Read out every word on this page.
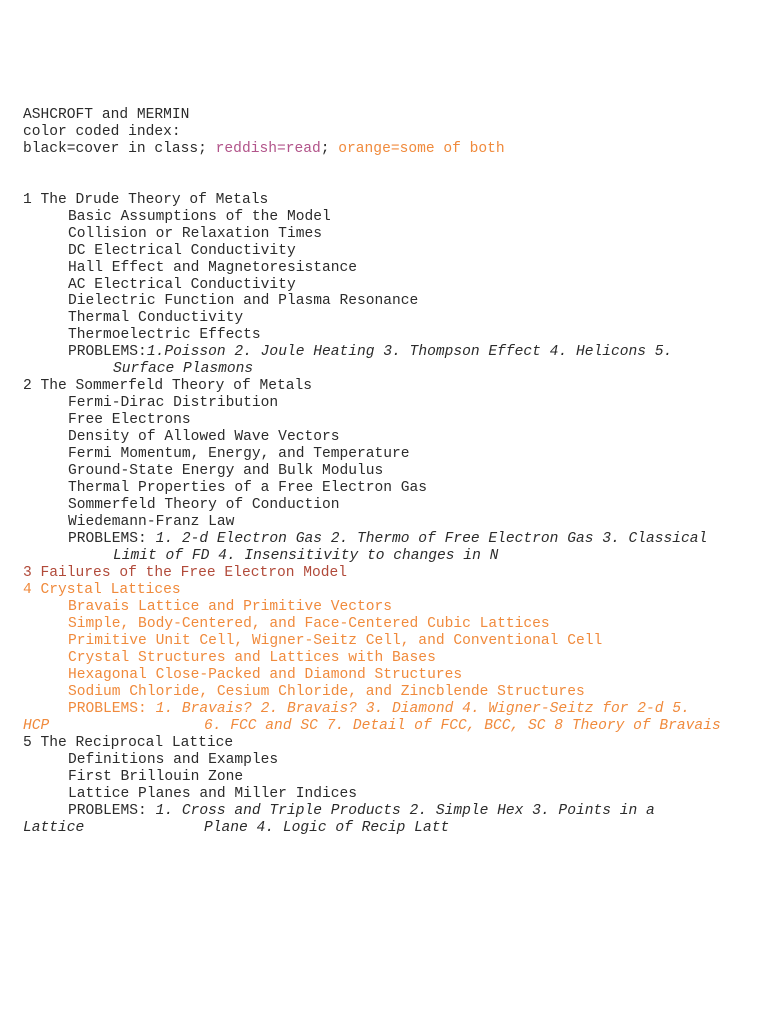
ASHCROFT and MERMIN
color coded index:
black=cover in class; reddish=read; orange=some of both
1 The Drude Theory of Metals
Basic Assumptions of the Model
Collision or Relaxation Times
DC Electrical Conductivity
Hall Effect and Magnetoresistance
AC Electrical Conductivity
Dielectric Function and Plasma Resonance
Thermal Conductivity
Thermoelectric Effects
PROBLEMS:1.Poisson 2. Joule Heating 3. Thompson Effect 4. Helicons 5.
Surface Plasmons
2 The Sommerfeld Theory of Metals
Fermi-Dirac Distribution
Free Electrons
Density of Allowed Wave Vectors
Fermi Momentum, Energy, and Temperature
Ground-State Energy and Bulk Modulus
Thermal Properties of a Free Electron Gas
Sommerfeld Theory of Conduction
Wiedemann-Franz Law
PROBLEMS: 1. 2-d Electron Gas 2. Thermo of Free Electron Gas 3. Classical
Limit of FD 4. Insensitivity to changes in N
3 Failures of the Free Electron Model
4 Crystal Lattices
Bravais Lattice and Primitive Vectors
Simple, Body-Centered, and Face-Centered Cubic Lattices
Primitive Unit Cell, Wigner-Seitz Cell, and Conventional Cell
Crystal Structures and Lattices with Bases
Hexagonal Close-Packed and Diamond Structures
Sodium Chloride, Cesium Chloride, and Zincblende Structures
PROBLEMS: 1. Bravais? 2. Bravais? 3. Diamond 4. Wigner-Seitz for 2-d 5.
HCP	6. FCC and SC 7. Detail of FCC, BCC, SC 8 Theory of Bravais
5 The Reciprocal Lattice
Definitions and Examples
First Brillouin Zone
Lattice Planes and Miller Indices
PROBLEMS: 1. Cross and Triple Products 2. Simple Hex 3. Points in a
Lattice	Plane 4. Logic of Recip Latt
